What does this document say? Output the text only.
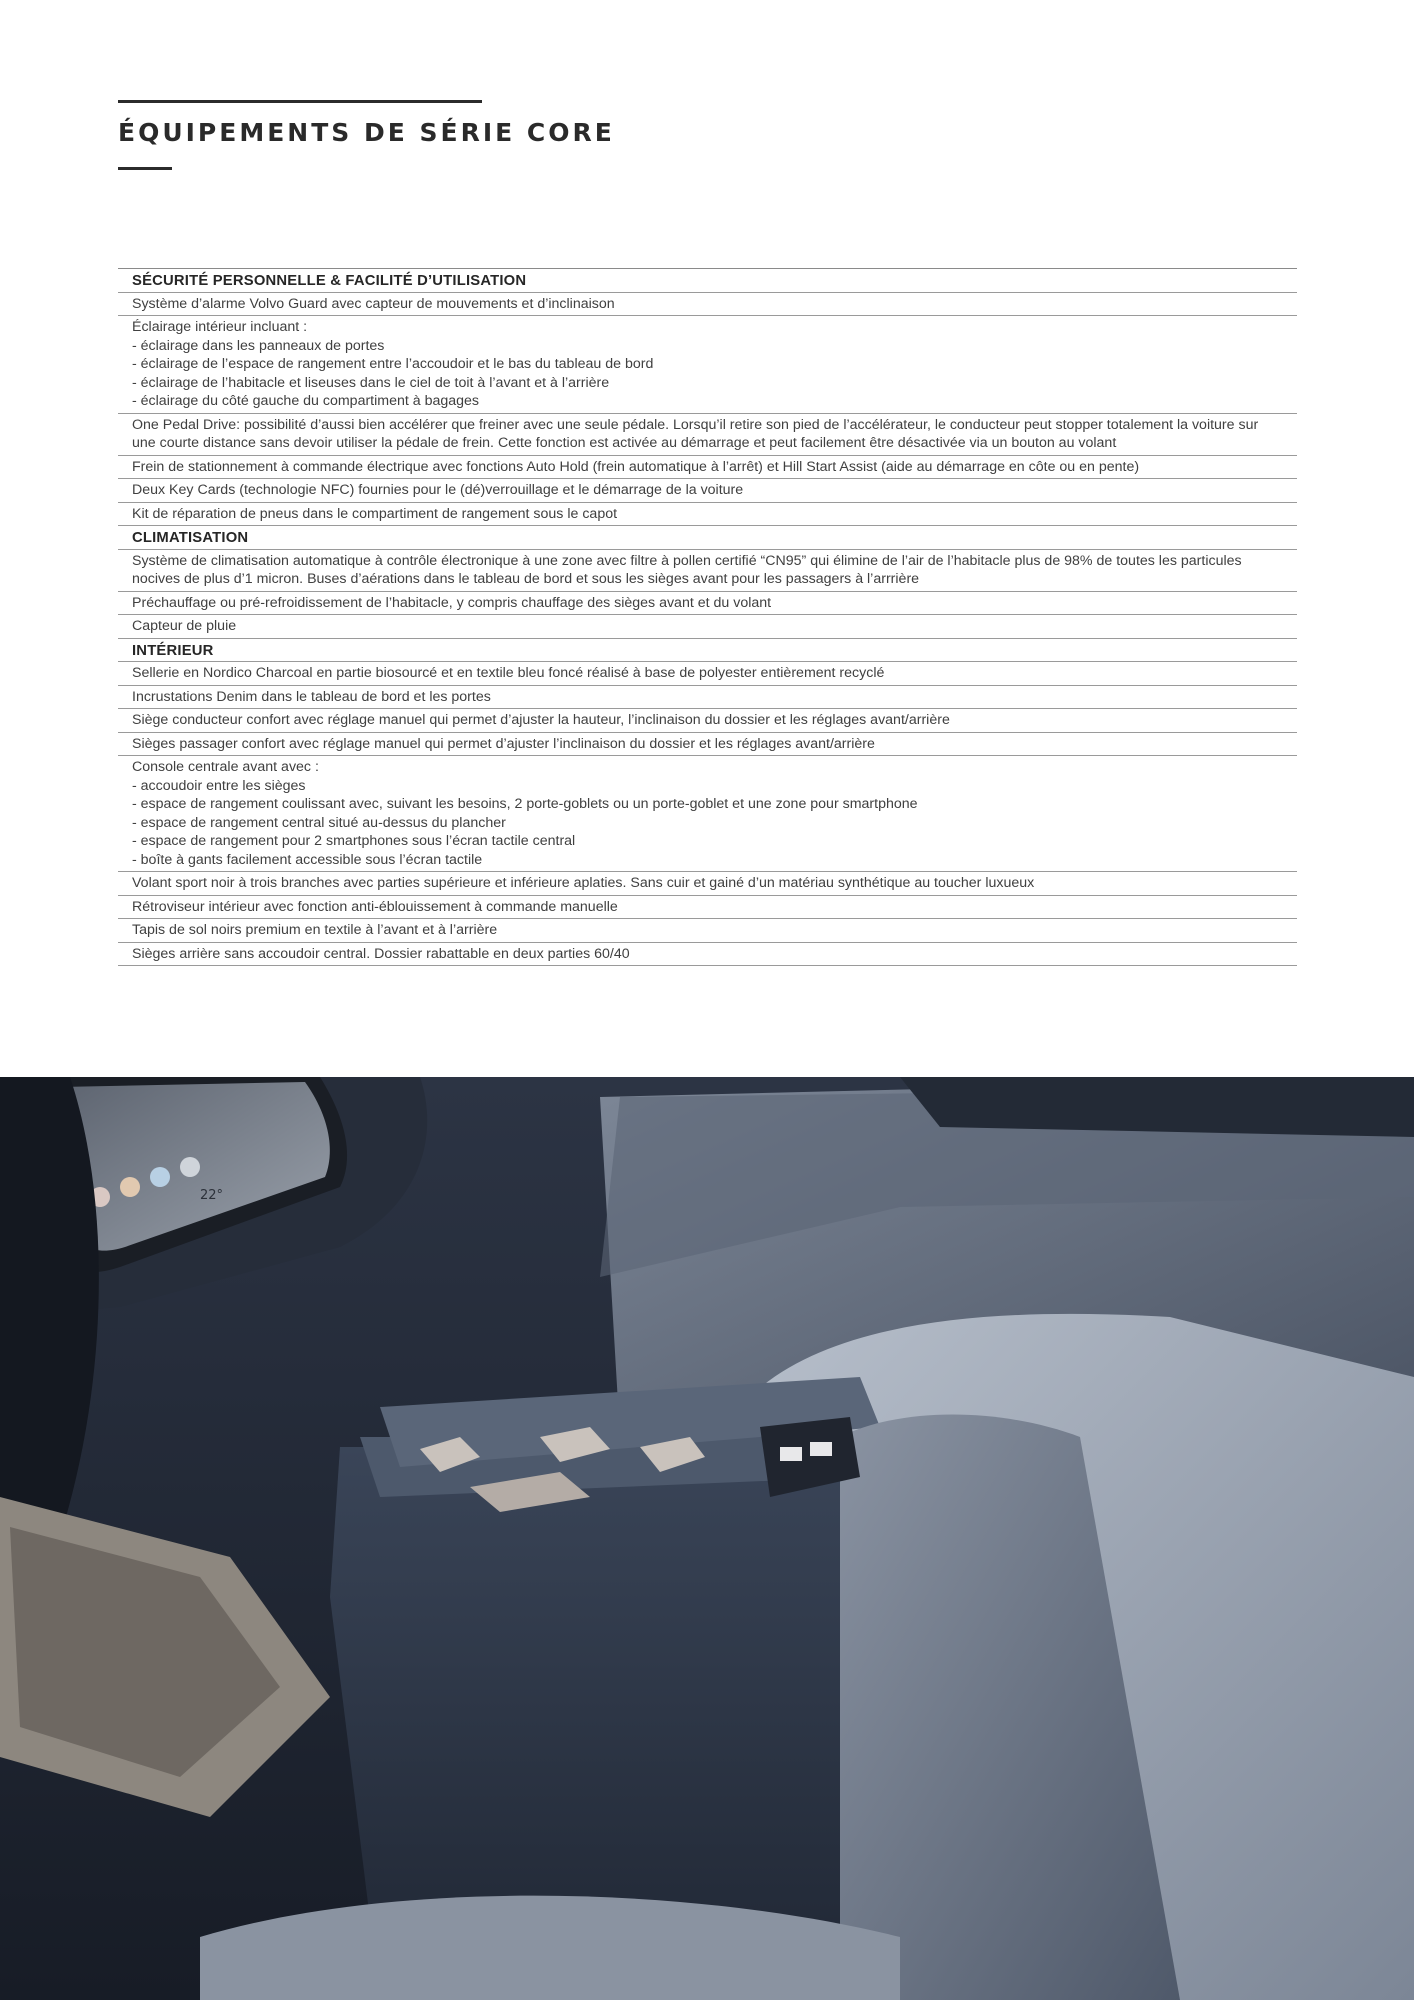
ÉQUIPEMENTS DE SÉRIE CORE
SÉCURITÉ PERSONNELLE & FACILITÉ D’UTILISATION
Système d’alarme Volvo Guard avec capteur de mouvements et d’inclinaison
Éclairage intérieur incluant :
- éclairage dans les panneaux de portes
- éclairage de l’espace de rangement entre l’accoudoir et le bas du tableau de bord
- éclairage de l’habitacle et liseuses dans le ciel de toit à l’avant et à l’arrière
- éclairage du côté gauche du compartiment à bagages
One Pedal Drive: possibilité d’aussi bien accélérer que freiner avec une seule pédale. Lorsqu’il retire son pied de l’accélérateur, le conducteur peut stopper totalement la voiture sur une courte distance sans devoir utiliser la pédale de frein. Cette fonction est activée au démarrage et peut facilement être désactivée via un bouton au volant
Frein de stationnement à commande électrique avec fonctions Auto Hold (frein automatique à l’arrêt) et Hill Start Assist (aide au démarrage en côte ou en pente)
Deux Key Cards (technologie NFC) fournies pour le (dé)verrouillage et le démarrage de la voiture
Kit de réparation de pneus dans le compartiment de rangement sous le capot
CLIMATISATION
Système de climatisation automatique à contrôle électronique à une zone avec filtre à pollen certifié “CN95” qui élimine de l’air de l’habitacle plus de 98% de toutes les particules nocives de plus d’1 micron. Buses d’aérations dans le tableau de bord et sous les sièges avant pour les passagers à l’arrrière
Préchauffage ou pré-refroidissement de l’habitacle, y compris chauffage des sièges avant et du volant
Capteur de pluie
INTÉRIEUR
Sellerie en Nordico Charcoal en partie biosourcé et en textile bleu foncé réalisé à base de polyester entièrement recyclé
Incrustations Denim dans le tableau de bord et les portes
Siège conducteur confort avec réglage manuel qui permet d’ajuster la hauteur, l’inclinaison du dossier et les réglages avant/arrière
Sièges passager confort avec réglage manuel qui permet d’ajuster l’inclinaison du dossier et les réglages avant/arrière
Console centrale avant avec :
- accoudoir entre les sièges
- espace de rangement coulissant avec, suivant les besoins, 2 porte-goblets ou un porte-goblet et une zone pour smartphone
- espace de rangement central situé au-dessus du plancher
- espace de rangement pour 2 smartphones sous l’écran tactile central
- boîte à gants facilement accessible sous l’écran tactile
Volant sport noir à trois branches avec parties supérieure et inférieure aplaties. Sans cuir et gainé d’un matériau synthétique au toucher luxueux
Rétroviseur intérieur avec fonction anti-éblouissement à commande manuelle
Tapis de sol noirs premium en textile à l’avant et à l’arrière
Sièges arrière sans accoudoir central. Dossier rabattable en deux parties 60/40
22°
